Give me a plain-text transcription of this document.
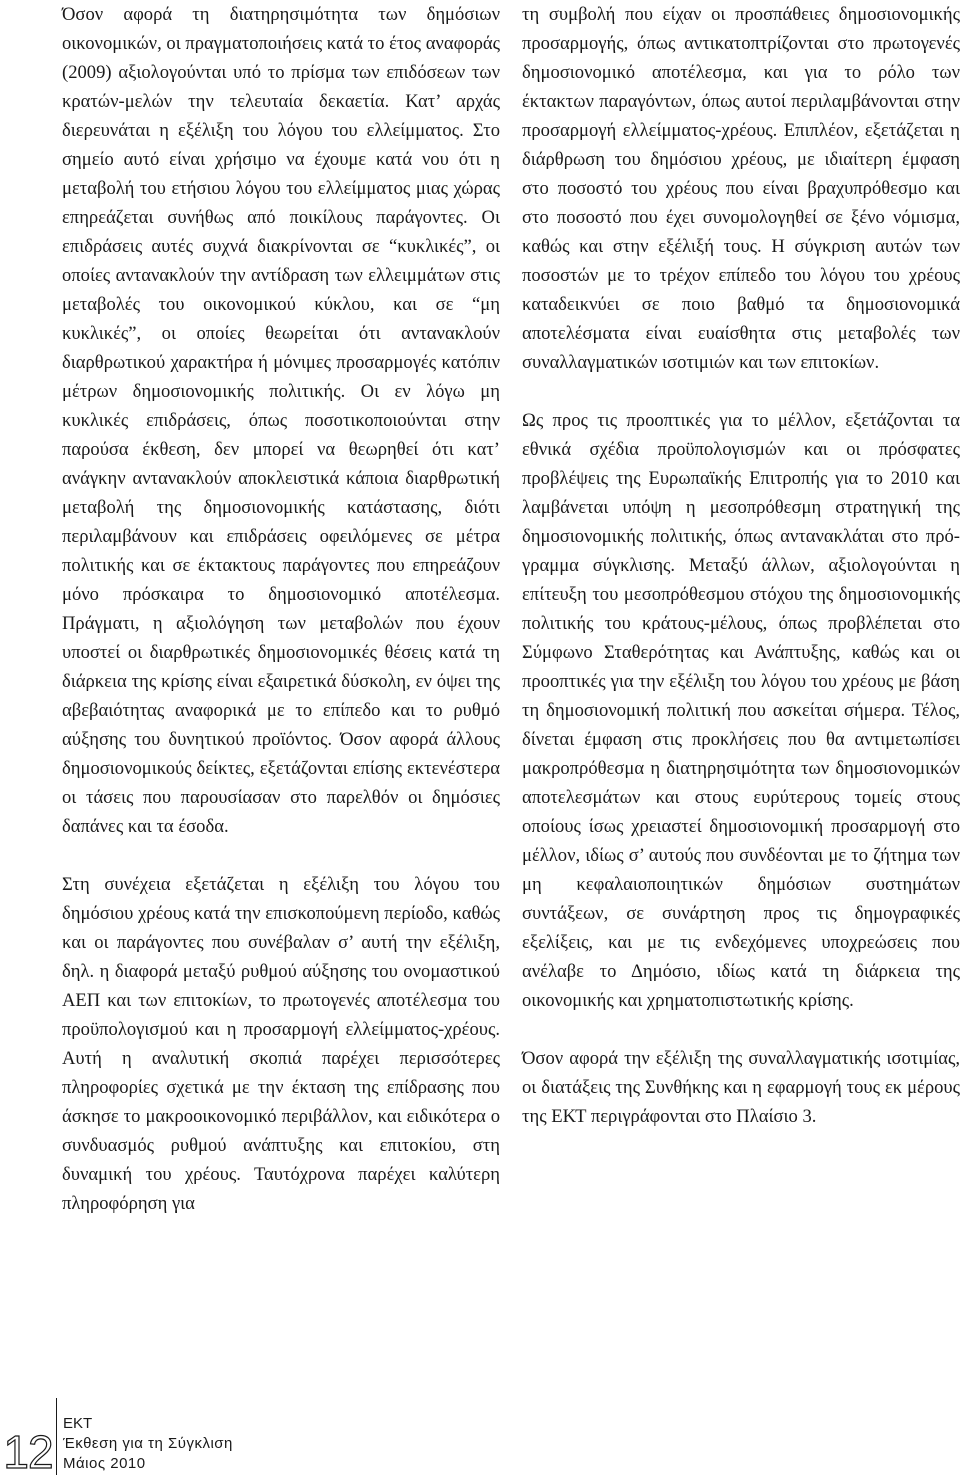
Όσον αφορά τη διατηρησιμότητα των δημόσιων οικονομικών, οι πραγματοποιήσεις κατά το έτος αναφοράς (2009) αξιολογούνται υπό το πρίσμα των επιδόσεων των κρατών-μελών την τελευταία δεκαετία. Κατ’ αρχάς διερευνάται η εξέλιξη του λόγου του ελλείμματος. Στο σημείο αυτό είναι χρήσιμο να έχουμε κατά νου ότι η μεταβολή του ετήσιου λόγου του ελλείμματος μιας χώρας επηρεάζεται συνήθως από ποικίλους παράγοντες. Οι επιδράσεις αυτές συχνά διακρίνονται σε “κυκλικές”, οι οποίες αντανακλούν την αντίδραση των ελλειμμάτων στις μεταβολές του οικονομικού κύκλου, και σε “μη κυκλικές”, οι οποίες θεωρείται ότι αντανακλούν διαρθρωτικού χαρακτήρα ή μόνιμες προσαρμογές κατόπιν μέτρων δημοσιονομικής πολιτικής. Οι εν λόγω μη κυκλικές επιδράσεις, όπως ποσοτικοποιούνται στην παρούσα έκθεση, δεν μπορεί να θεωρηθεί ότι κατ’ ανάγκην αντανακλούν αποκλειστικά κάποια διαρθρωτική μεταβολή της δημοσιονομικής κατάστασης, διότι περιλαμβάνουν και επιδράσεις οφειλόμενες σε μέτρα πολιτικής και σε έκτακτους παράγοντες που επηρεάζουν μόνο πρόσκαιρα το δημοσιονομικό αποτέλεσμα. Πράγματι, η αξιολόγηση των μεταβολών που έχουν υποστεί οι διαρθρωτικές δημοσιονομικές θέσεις κατά τη διάρκεια της κρίσης είναι εξαιρετικά δύσκολη, εν όψει της αβεβαιότητας αναφορικά με το επίπεδο και το ρυθμό αύξησης του δυνητικού προϊόντος. Όσον αφορά άλλους δημοσιονομικούς δείκτες, εξετάζονται επίσης εκτενέστερα οι τάσεις που παρουσίασαν στο παρελθόν οι δημόσιες δαπάνες και τα έσοδα.

Στη συνέχεια εξετάζεται η εξέλιξη του λόγου του δημόσιου χρέους κατά την επισκοπούμενη περίοδο, καθώς και οι παράγοντες που συνέβαλαν σ’ αυτή την εξέλιξη, δηλ. η διαφορά μεταξύ ρυθμού αύξησης του ονομαστικού ΑΕΠ και των επιτοκίων, το πρωτογενές αποτέλεσμα του προϋπολογισμού και η προσαρμογή ελλείμματος-χρέους. Αυτή η αναλυτική σκοπιά παρέχει περισσότερες πληροφορίες σχετικά με την έκταση της επίδρασης που άσκησε το μακροοικονομικό περιβάλλον, και ειδικότερα ο συνδυασμός ρυθμού ανάπτυξης και επιτοκίου, στη δυναμική του χρέους. Ταυτόχρονα παρέχει καλύτερη πληροφόρηση για

τη συμβολή που είχαν οι προσπάθειες δημοσιονομικής προσαρμογής, όπως αντικατοπτρίζονται στο πρωτογενές δημοσιονομικό αποτέλεσμα, και για το ρόλο των έκτακτων παραγόντων, όπως αυτοί περιλαμβάνονται στην προσαρμογή ελλείμματος-χρέους. Επιπλέον, εξετάζεται η διάρθρωση του δημόσιου χρέους, με ιδιαίτερη έμφαση στο ποσοστό του χρέους που είναι βραχυπρόθεσμο και στο ποσοστό που έχει συνομολογηθεί σε ξένο νόμισμα, καθώς και στην εξέλιξή τους. Η σύγκριση αυτών των ποσοστών με το τρέχον επίπεδο του λόγου του χρέους καταδεικνύει σε ποιο βαθμό τα δημοσιονομικά αποτελέσματα είναι ευαίσθητα στις μεταβολές των συναλλαγματικών ισοτιμιών και των επιτοκίων.

Ως προς τις προοπτικές για το μέλλον, εξετάζονται τα εθνικά σχέδια προϋπολογισμών και οι πρόσφατες προβλέψεις της Ευρωπαϊκής Επιτροπής για το 2010 και λαμβάνεται υπόψη η μεσοπρόθεσμη στρατηγική της δημοσιονομικής πολιτικής, όπως αντανακλάται στο πρόγραμμα σύγκλισης. Μεταξύ άλλων, αξιολογούνται η επίτευξη του μεσοπρόθεσμου στόχου της δημοσιονομικής πολιτικής του κράτους-μέλους, όπως προβλέπεται στο Σύμφωνο Σταθερότητας και Ανάπτυξης, καθώς και οι προοπτικές για την εξέλιξη του λόγου του χρέους με βάση τη δημοσιονομική πολιτική που ασκείται σήμερα. Τέλος, δίνεται έμφαση στις προκλήσεις που θα αντιμετωπίσει μακροπρόθεσμα η διατηρησιμότητα των δημοσιονομικών αποτελεσμάτων και στους ευρύτερους τομείς στους οποίους ίσως χρειαστεί δημοσιονομική προσαρμογή στο μέλλον, ιδίως σ’ αυτούς που συνδέονται με το ζήτημα των μη κεφαλαιοποιητικών δημόσιων συστημάτων συντάξεων, σε συνάρτηση προς τις δημογραφικές εξελίξεις, και με τις ενδεχόμενες υποχρεώσεις που ανέλαβε το Δημόσιο, ιδίως κατά τη διάρκεια της οικονομικής και χρηματοπιστωτικής κρίσης.

Όσον αφορά την εξέλιξη της συναλλαγματικής ισοτιμίας, οι διατάξεις της Συνθήκης και η εφαρμογή τους εκ μέρους της ΕΚΤ περιγράφονται στο Πλαίσιο 3.

12
ΕΚΤ
Έκθεση για τη Σύγκλιση
Μάιος 2010
